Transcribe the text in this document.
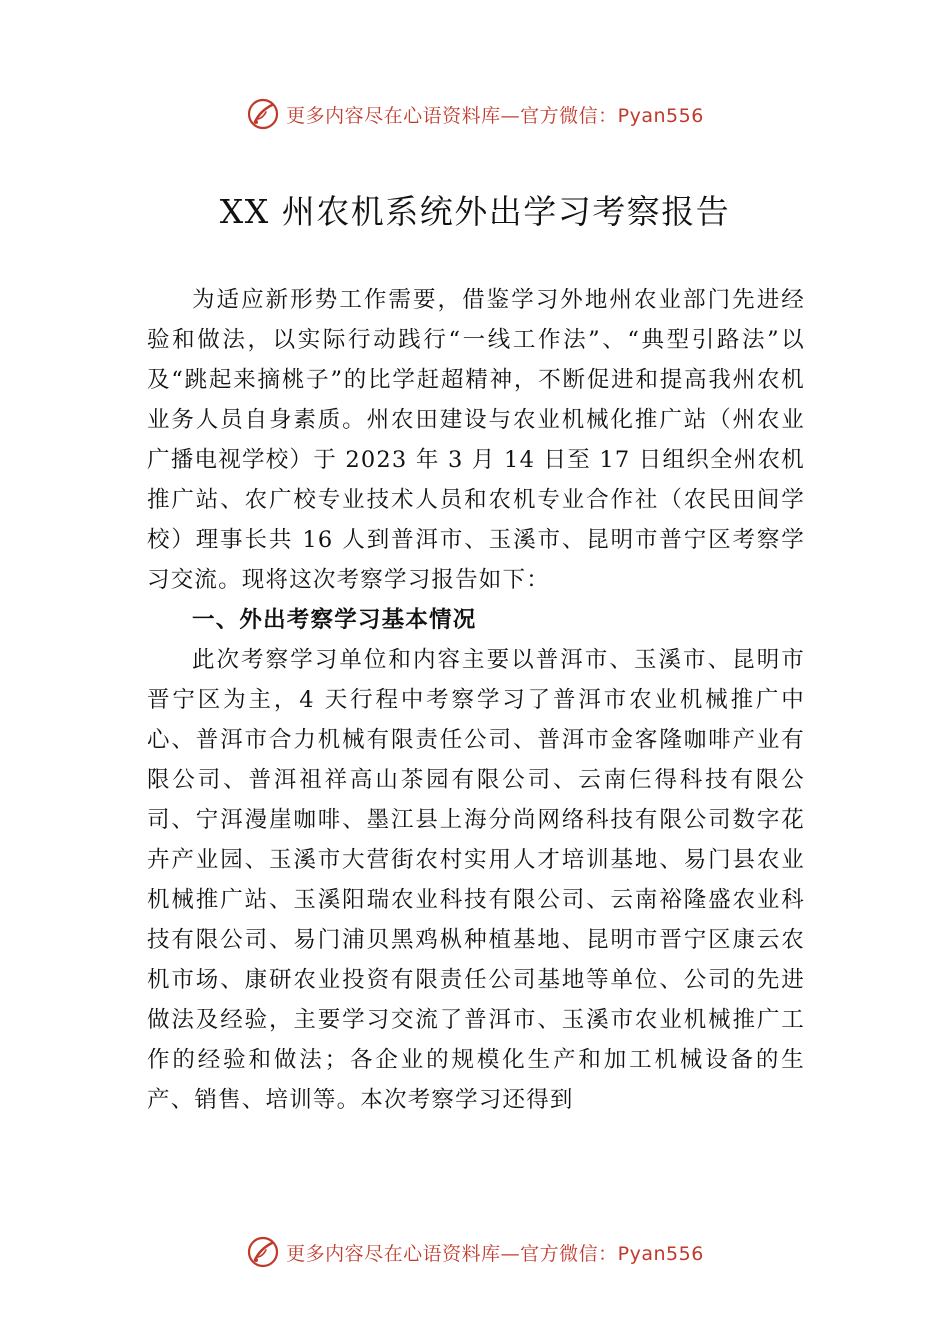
更多内容尽在心语资料库—官方微信：Pyan556
XX 州农机系统外出学习考察报告

为适应新形势工作需要，借鉴学习外地州农业部门先进经验和做法，以实际行动践行“一线工作法”、“典型引路法”以及“跳起来摘桃子”的比学赶超精神，不断促进和提高我州农机业务人员自身素质。州农田建设与农业机械化推广站（州农业广播电视学校）于 2023 年 3 月 14 日至 17 日组织全州农机推广站、农广校专业技术人员和农机专业合作社（农民田间学校）理事长共 16 人到普洱市、玉溪市、昆明市普宁区考察学习交流。现将这次考察学习报告如下：

一、外出考察学习基本情况

此次考察学习单位和内容主要以普洱市、玉溪市、昆明市晋宁区为主，4 天行程中考察学习了普洱市农业机械推广中心、普洱市合力机械有限责任公司、普洱市金客隆咖啡产业有限公司、普洱祖祥高山茶园有限公司、云南仨得科技有限公司、宁洱漫崖咖啡、墨江县上海分尚网络科技有限公司数字花卉产业园、玉溪市大营街农村实用人才培训基地、易门县农业机械推广站、玉溪阳瑞农业科技有限公司、云南裕隆盛农业科技有限公司、易门浦贝黑鸡枞种植基地、昆明市晋宁区康云农机市场、康研农业投资有限责任公司基地等单位、公司的先进做法及经验，主要学习交流了普洱市、玉溪市农业机械推广工作的经验和做法；各企业的规模化生产和加工机械设备的生产、销售、培训等。本次考察学习还得到

更多内容尽在心语资料库—官方微信：Pyan556
